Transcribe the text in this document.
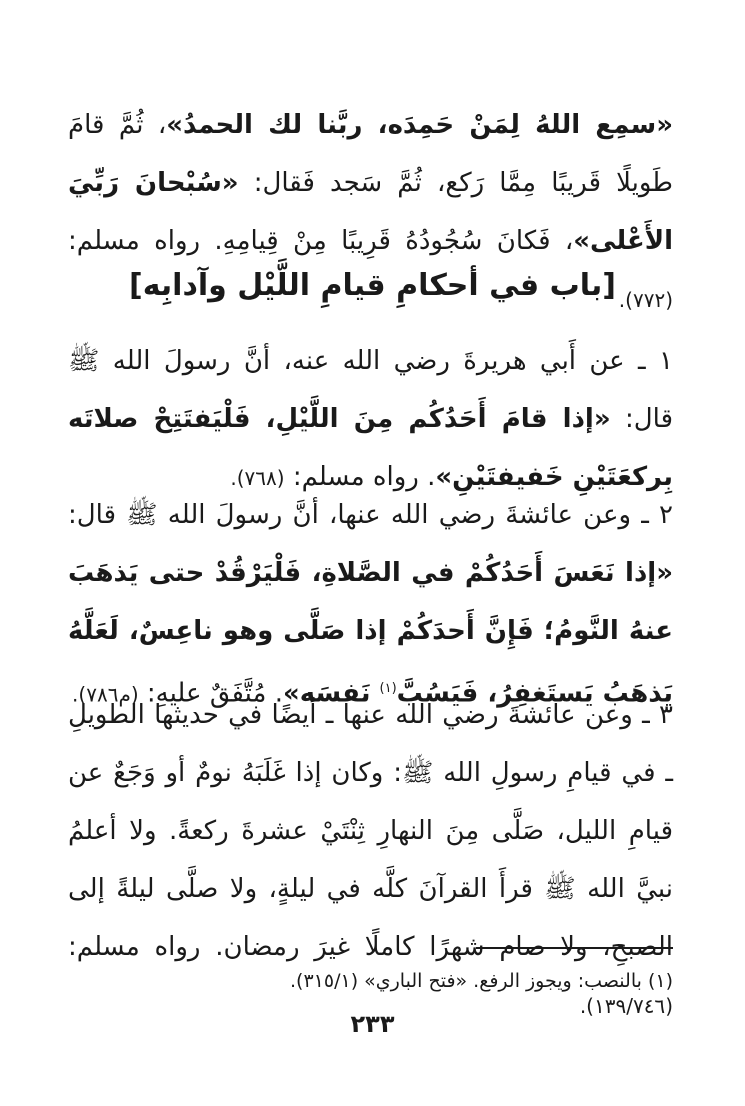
«سمِع اللهُ لِمَنْ حَمِدَه، ربَّنا لك الحمدُ»، ثُمَّ قامَ طَويلًا قَريبًا مِمَّا رَكع، ثُمَّ سَجد فَقال: «سُبْحانَ رَبِّيَ الأَعْلى»، فَكانَ سُجُودُهُ قَرِيبًا مِنْ قِيامِهِ. رواه مسلم: (٧٧٢).

[باب في أحكامِ قيامِ اللَّيْل وآدابِه]

١ ـ عن أَبي هريرةَ رضي الله عنه، أنَّ رسولَ الله ﷺ قال: «إذا قامَ أَحَدُكُم مِنَ اللَّيْلِ، فَلْيَفتَتِحْ صلاتَه بِركعَتَيْنِ خَفيفتَيْنِ». رواه مسلم: (٧٦٨).

٢ ـ وعن عائشةَ رضي الله عنها، أنَّ رسولَ الله ﷺ قال: «إذا نَعَسَ أَحَدُكُمْ في الصَّلاةِ، فَلْيَرْقُدْ حتى يَذهَبَ عنهُ النَّومُ؛ فَإِنَّ أَحدَكُمْ إذا صَلَّى وهو ناعِسٌ، لَعَلَّهُ يَذهَبُ يَستَغفِرُ، فَيَسُبَّ$^{(١)}$ نَفسَه». مُتَّفَقٌ عليهِ: (م٧٨٦).

٣ ـ وعن عائشةَ رضي الله عنها ـ أيضًا في حديثها الطويلِ ـ في قيامِ رسولِ الله ﷺ: وكان إذا غَلَبَهُ نومٌ أو وَجَعٌ عن قيامِ الليل، صَلَّى مِنَ النهارِ ثِنْتَيْ عشرةَ ركعةً. ولا أعلمُ نبيَّ الله ﷺ قرأَ القرآنَ كلَّه في ليلةٍ، ولا صلَّى ليلةً إلى الصبحِ، ولا صام شهرًا كاملًا غيرَ رمضان. رواه مسلم: (١٣٩/٧٤٦).

(١) بالنصب: ويجوز الرفع. «فتح الباري» (٣١٥/١).

٢٣٣
